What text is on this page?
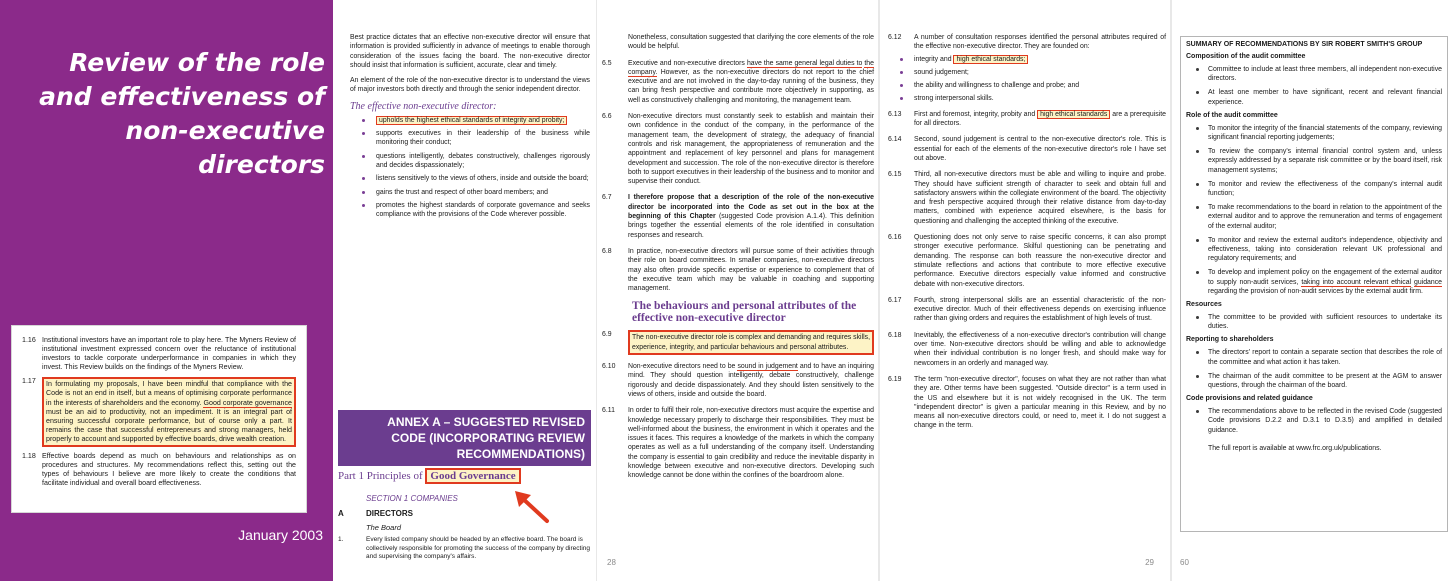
Review of the role
and effectiveness of
non-executive directors
1.16 Institutional investors have an important role to play here. The Myners Review of institutional investment expressed concern over the reluctance of institutional investors to tackle corporate underperformance in companies in which they invest. This Review builds on the findings of the Myners Review.
1.17	In formulating my proposals, I have been mindful that compliance with the Code is not an end in itself, but a means of optimising corporate performance in the interests of shareholders and the economy. Good corporate governance must be an aid to productivity, not an impediment. It is an integral part of ensuring successful corporate performance, but of course only a part. It remains the case that successful entrepreneurs and strong managers, held properly to account and supported by effective boards, drive wealth creation.
1.18 Effective boards depend as much on behaviours and relationships as on procedures and structures. My recommendations reflect this, setting out the types of behaviours I believe are more likely to create the conditions that facilitate individual and overall board effectiveness.
January 2003

Best practice dictates that an effective non-executive director will ensure that information is provided sufficiently in advance of meetings to enable thorough consideration of the issues facing the board. The non-executive director should insist that information is sufficient, accurate, clear and timely.

An element of the role of the non-executive director is to understand the views of major investors both directly and through the senior independent director.

The effective non-executive director:
upholds the highest ethical standards of integrity and probity;
supports executives in their leadership of the business while monitoring their conduct;
questions intelligently, debates constructively, challenges rigorously and decides dispassionately;
listens sensitively to the views of others, inside and outside the board;
gains the trust and respect of other board members; and
promotes the highest standards of corporate governance and seeks compliance with the provisions of the Code wherever possible.
ANNEX A – SUGGESTED REVISED
CODE (INCORPORATING REVIEW
RECOMMENDATIONS)
Part 1 Principles of Good Governance
SECTION 1 COMPANIES
A	DIRECTORS
The Board
1.	Every listed company should be headed by an effective board. The board is collectively responsible for promoting the success of the company by directing and supervising the company's affairs.
Nonetheless, consultation suggested that clarifying the core elements of the role would be helpful.
6.5	Executive and non-executive directors have the same general legal duties to the company. However, as the non-executive directors do not report to the chief executive and are not involved in the day-to-day running of the business, they can bring fresh perspective and contribute more objectively in supporting, as well as constructively challenging and monitoring, the management team.
6.6	Non-executive directors must constantly seek to establish and maintain their own confidence in the conduct of the company, in the performance of the management team, the development of strategy, the adequacy of financial controls and risk management, the appropriateness of remuneration and the appointment and replacement of key personnel and plans for management development and succession. The role of the non-executive director is therefore both to support executives in their leadership of the business and to monitor and supervise their conduct.
6.7	I therefore propose that a description of the role of the non-executive director be incorporated into the Code as set out in the box at the beginning of this Chapter (suggested Code provision A.1.4). This definition brings together the essential elements of the role identified in consultation responses and research.
6.8	In practice, non-executive directors will pursue some of their activities through their role on board committees. In smaller companies, non-executive directors may also often provide specific expertise or experience to complement that of the executive team which may be valuable in coaching and supporting management.
The behaviours and personal attributes of the
effective non-executive director
6.9	The non-executive director role is complex and demanding and requires skills, experience, integrity, and particular behaviours and personal attributes.
6.10	Non-executive directors need to be sound in judgement and to have an inquiring mind. They should question intelligently, debate constructively, challenge rigorously and decide dispassionately. And they should listen sensitively to the views of others, inside and outside the board.
6.11	In order to fulfil their role, non-executive directors must acquire the expertise and knowledge necessary properly to discharge their responsibilities. They must be well-informed about the business, the environment in which it operates and the issues it faces. This requires a knowledge of the markets in which the company operates as well as a full understanding of the company itself. Understanding the company is essential to gain credibility and reduce the inevitable disparity in knowledge between executive and non-executive directors. Developing such knowledge cannot be done within the confines of the boardroom alone.
28
6.12	A number of consultation responses identified the personal attributes required of the effective non-executive director. They are founded on:
integrity and high ethical standards;
sound judgement;
the ability and willingness to challenge and probe; and
strong interpersonal skills.
6.13	First and foremost, integrity, probity and high ethical standards are a prerequisite for all directors.
6.14	Second, sound judgement is central to the non-executive director's role. This is essential for each of the elements of the non-executive director's role I have set out above.
6.15	Third, all non-executive directors must be able and willing to inquire and probe. They should have sufficient strength of character to seek and obtain full and satisfactory answers within the collegiate environment of the board. The objectivity and fresh perspective acquired through their relative distance from day-to-day matters, combined with experience acquired elsewhere, is the basis for questioning and challenging the accepted thinking of the executive.
6.16	Questioning does not only serve to raise specific concerns, it can also prompt stronger executive performance. Skilful questioning can be penetrating and demanding. The response can both reassure the non-executive director and stimulate reflections and actions that contribute to more effective executive performance. Executive directors especially value informed and constructive debate with non-executive directors.
6.17	Fourth, strong interpersonal skills are an essential characteristic of the non-executive director. Much of their effectiveness depends on exercising influence rather than giving orders and requires the establishment of high levels of trust.
6.18	Inevitably, the effectiveness of a non-executive director's contribution will change over time. Non-executive directors should be willing and able to acknowledge when their individual contribution is no longer fresh, and should make way for newcomers in an orderly and managed way.
6.19	The term "non-executive director", focuses on what they are not rather than what they are. Other terms have been suggested. "Outside director" is a term used in the US and elsewhere but it is not widely recognised in the UK. The term "independent director" is given a particular meaning in this Review, and by no means all non-executive directors could, or need to, meet it. I do not suggest a change in the term.
29
SUMMARY OF RECOMMENDATIONS BY SIR ROBERT SMITH'S GROUP
Composition of the audit committee
Committee to include at least three members, all independent non-executive directors.
At least one member to have significant, recent and relevant financial experience.
Role of the audit committee
To monitor the integrity of the financial statements of the company, reviewing significant financial reporting judgements;
To review the company's internal financial control system and, unless expressly addressed by a separate risk committee or by the board itself, risk management systems;
To monitor and review the effectiveness of the company's internal audit function;
To make recommendations to the board in relation to the appointment of the external auditor and to approve the remuneration and terms of engagement of the external auditor;
To monitor and review the external auditor's independence, objectivity and effectiveness, taking into consideration relevant UK professional and regulatory requirements; and
To develop and implement policy on the engagement of the external auditor to supply non-audit services, taking into account relevant ethical guidance regarding the provision of non-audit services by the external audit firm.
Resources
The committee to be provided with sufficient resources to undertake its duties.
Reporting to shareholders
The directors' report to contain a separate section that describes the role of the committee and what action it has taken.
The chairman of the audit committee to be present at the AGM to answer questions, through the chairman of the board.
Code provisions and related guidance
The recommendations above to be reflected in the revised Code (suggested Code provisions D.2.2 and D.3.1 to D.3.5) and amplified in detailed guidance.
The full report is available at www.frc.org.uk/publications.
60
